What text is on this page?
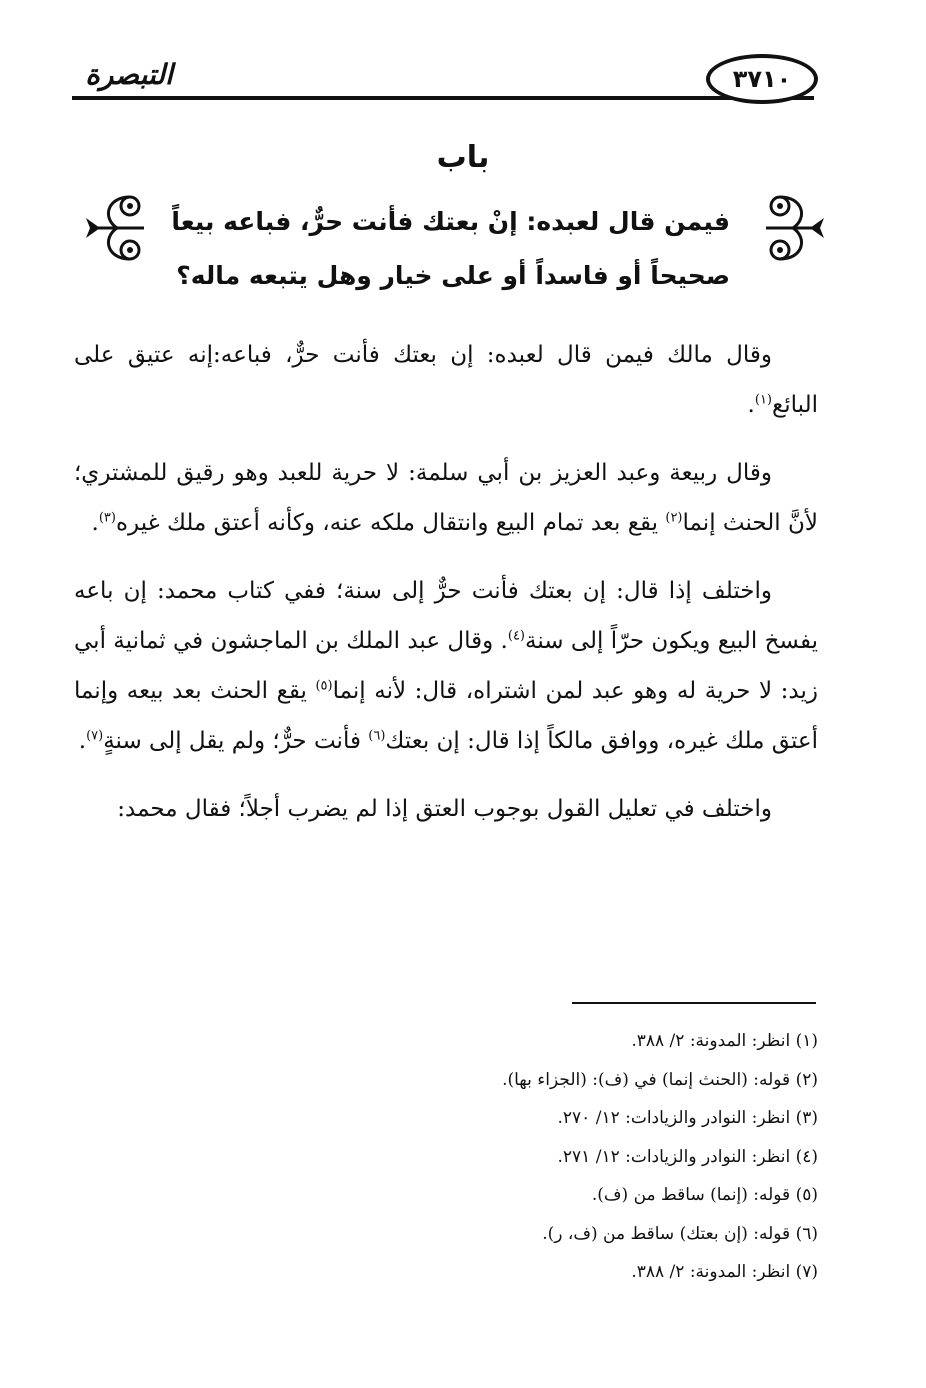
٣٧١٠
التبصرة
باب
فيمن قال لعبده: إنْ بعتك فأنت حرٌّ، فباعه بيعاً صحيحاً أو فاسداً أو على خيار وهل يتبعه ماله؟

وقال مالك فيمن قال لعبده: إن بعتك فأنت حرٌّ، فباعه:إنه عتيق على البائع$^{(١)}$.

وقال ربيعة وعبد العزيز بن أبي سلمة: لا حرية للعبد وهو رقيق للمشتري؛ لأنَّ الحنث إنما$^{(٢)}$ يقع بعد تمام البيع وانتقال ملكه عنه، وكأنه أعتق ملك غيره$^{(٣)}$.

واختلف إذا قال: إن بعتك فأنت حرٌّ إلى سنة؛ ففي كتاب محمد: إن باعه يفسخ البيع ويكون حرّاً إلى سنة$^{(٤)}$. وقال عبد الملك بن الماجشون في ثمانية أبي زيد: لا حرية له وهو عبد لمن اشتراه، قال: لأنه إنما$^{(٥)}$ يقع الحنث بعد بيعه وإنما أعتق ملك غيره، ووافق مالكاً إذا قال: إن بعتك$^{(٦)}$ فأنت حرٌّ؛ ولم يقل إلى سنةٍ$^{(٧)}$.

واختلف في تعليل القول بوجوب العتق إذا لم يضرب أجلاً؛ فقال محمد:

(١) انظر: المدونة: ٢/ ٣٨٨.
(٢) قوله: (الحنث إنما) في (ف): (الجزاء بها).
(٣) انظر: النوادر والزيادات: ١٢/ ٢٧٠.
(٤) انظر: النوادر والزيادات: ١٢/ ٢٧١.
(٥) قوله: (إنما) ساقط من (ف).
(٦) قوله: (إن بعتك) ساقط من (ف، ر).
(٧) انظر: المدونة: ٢/ ٣٨٨.
